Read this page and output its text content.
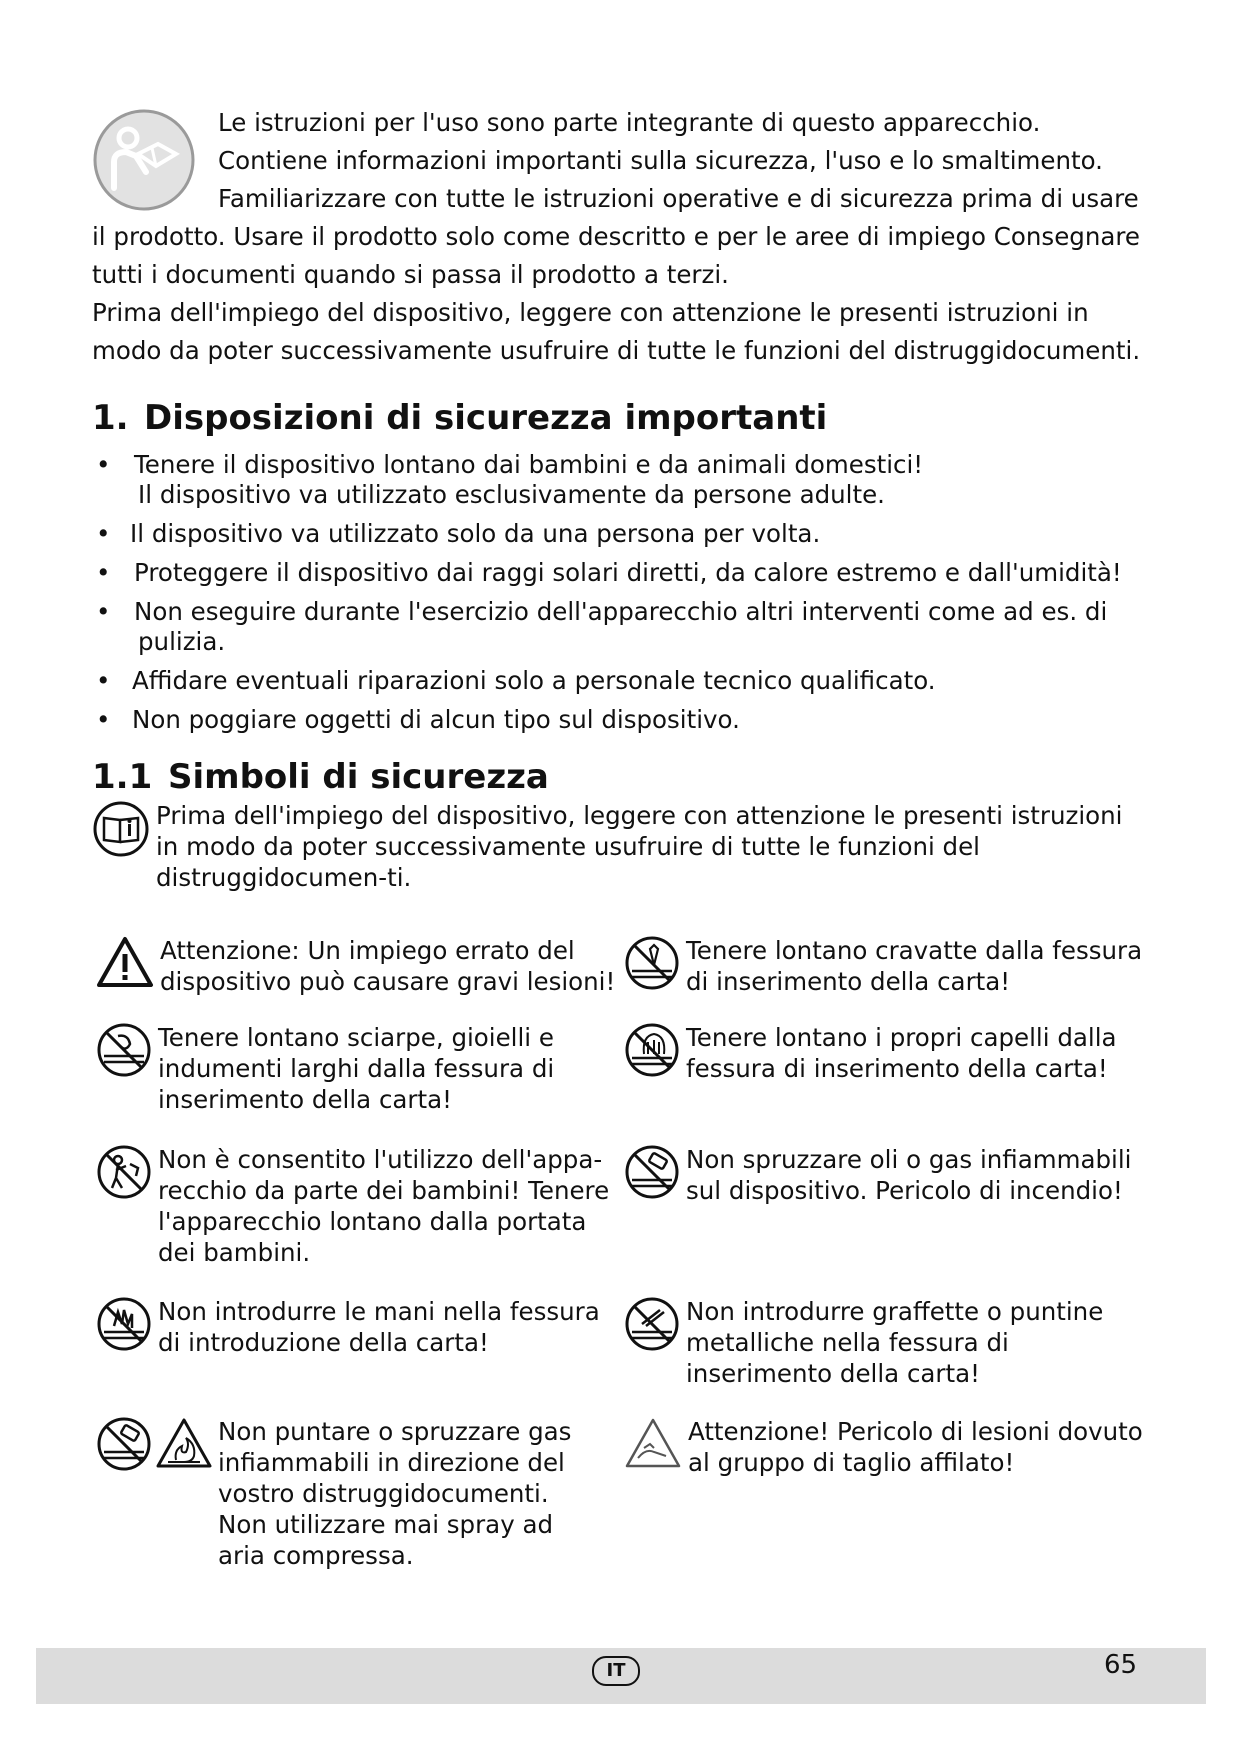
Le istruzioni per l'uso sono parte integrante di questo apparecchio. Contiene informazioni importanti sulla sicurezza, l'uso e lo smaltimento. Familiarizzare con tutte le istruzioni operative e di sicurezza prima di usare il prodotto. Usare il prodotto solo come descritto e per le aree di impiego Consegnare tutti i documenti quando si passa il prodotto a terzi.

Prima dell'impiego del dispositivo, leggere con attenzione le presenti istruzioni in modo da poter successivamente usufruire di tutte le funzioni del distruggidocumenti.

1. Disposizioni di sicurezza importanti
• Tenere il dispositivo lontano dai bambini e da animali domestici!
Il dispositivo va utilizzato esclusivamente da persone adulte.
• Il dispositivo va utilizzato solo da una persona per volta.
• Proteggere il dispositivo dai raggi solari diretti, da calore estremo e dall'umidità!
• Non eseguire durante l'esercizio dell'apparecchio altri interventi come ad es. di
pulizia.
• Affidare eventuali riparazioni solo a personale tecnico qualificato.
• Non poggiare oggetti di alcun tipo sul dispositivo.
1.1 Simboli di sicurezza
Prima dell'impiego del dispositivo, leggere con attenzione le presenti istruzioni in modo da poter successivamente usufruire di tutte le funzioni del distruggidocumen-ti.
Attenzione: Un impiego errato del dispositivo può causare gravi lesioni!
Tenere lontano sciarpe, gioielli e indumenti larghi dalla fessura di inserimento della carta!
Non è consentito l'utilizzo dell'appa-recchio da parte dei bambini! Tenere l'apparecchio lontano dalla portata dei bambini.
Non introdurre le mani nella fessura di introduzione della carta!
Non puntare o spruzzare gas infiammabili in direzione del vostro distruggidocumenti. Non utilizzare mai spray ad aria compressa.
Tenere lontano cravatte dalla fessura di inserimento della carta!
Tenere lontano i propri capelli dalla fessura di inserimento della carta!
Non spruzzare oli o gas infiammabili sul dispositivo. Pericolo di incendio!
Non introdurre graffette o puntine metalliche nella fessura di inserimento della carta!
Attenzione! Pericolo di lesioni dovuto al gruppo di taglio affilato!
IT	65
